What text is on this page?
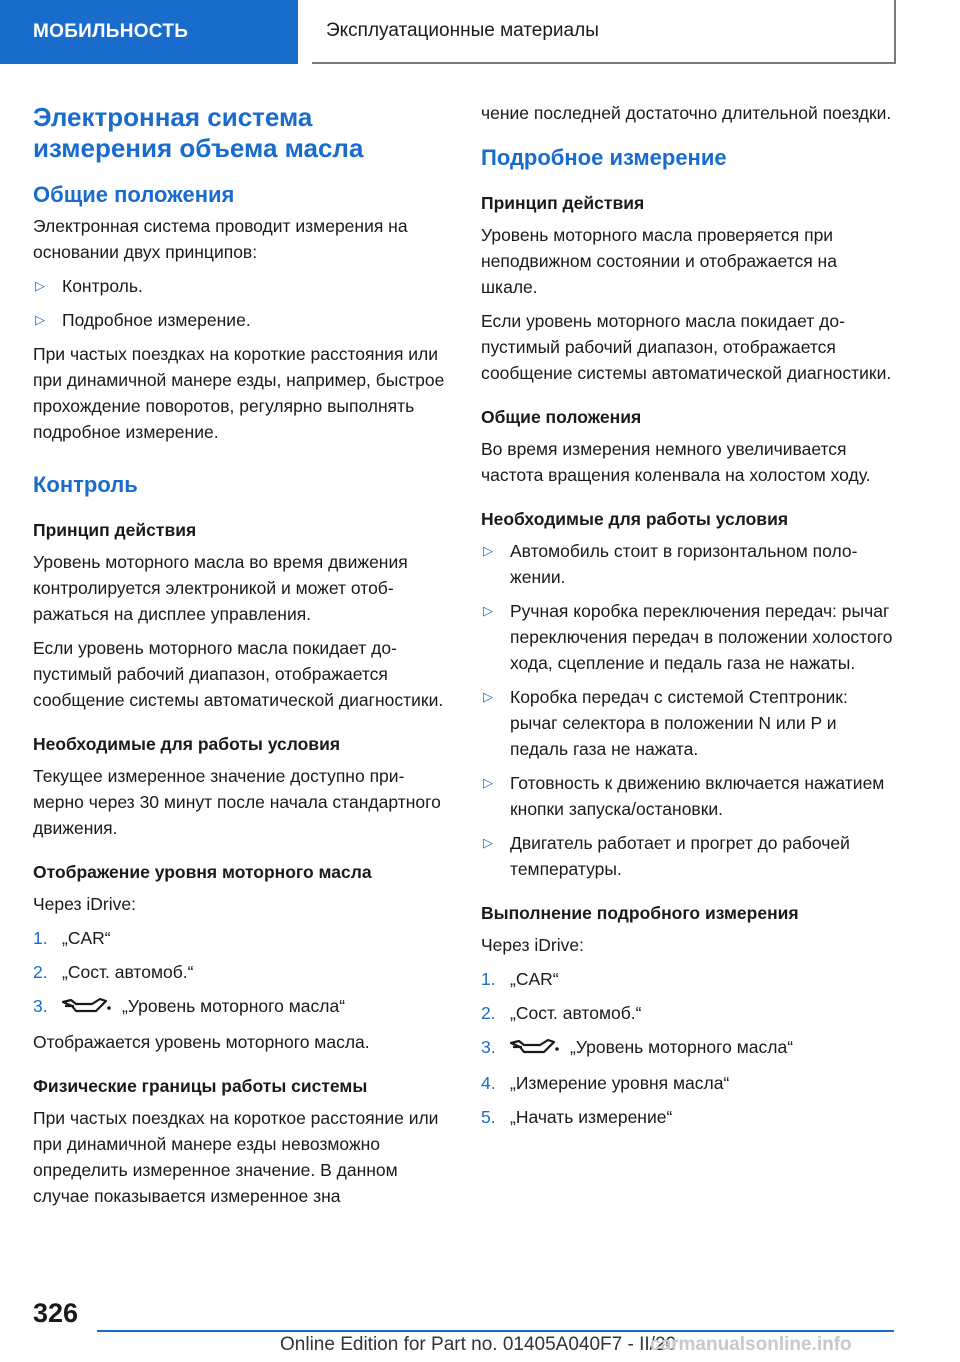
МОБИЛЬНОСТЬ	Эксплуатационные материалы
Электронная система измерения объема масла
Общие положения

Электронная система проводит измерения на основании двух принципов:

▷ Контроль.
▷ Подробное измерение.

При частых поездках на короткие расстояния или при динамичной манере езды, например, быстрое прохождение поворотов, регулярно выполнять подробное измерение.

Контроль
Принцип действия

Уровень моторного масла во время движения контролируется электроникой и может отображаться на дисплее управления.

Если уровень моторного масла покидает допустимый рабочий диапазон, отображается сообщение системы автоматической диагностики.

Необходимые для работы условия

Текущее измеренное значение доступно примерно через 30 минут после начала стандартного движения.

Отображение уровня моторного масла

Через iDrive:

1. „CAR“
2. „Сост. автомоб.“
3.	„Уровень моторного масла“

Отображается уровень моторного масла.

Физические границы работы системы

При частых поездках на короткое расстояние или при динамичной манере езды невозможно определить измеренное значение. В данном случае показывается измеренное зна

чение последней достаточно длительной поездки.

Подробное измерение
Принцип действия

Уровень моторного масла проверяется при неподвижном состоянии и отображается на шкале.

Если уровень моторного масла покидает допустимый рабочий диапазон, отображается сообщение системы автоматической диагностики.

Общие положения

Во время измерения немного увеличивается частота вращения коленвала на холостом ходу.

Необходимые для работы условия
▷ Автомобиль стоит в горизонтальном положении.
▷ Ручная коробка переключения передач: рычаг переключения передач в положении холостого хода, сцепление и педаль газа не нажаты.
▷ Коробка передач с системой Стептроник: рычаг селектора в положении N или P и педаль газа не нажата.
▷ Готовность к движению включается нажатием кнопки запуска/остановки.
▷ Двигатель работает и прогрет до рабочей температуры.
Выполнение подробного измерения

Через iDrive:

1. „CAR“
2. „Сост. автомоб.“
3.	„Уровень моторного масла“
4. „Измерение уровня масла“
5. „Начать измерение“
326
Online Edition for Part no. 01405A040F7 - II/20
carmanualsonline.info
